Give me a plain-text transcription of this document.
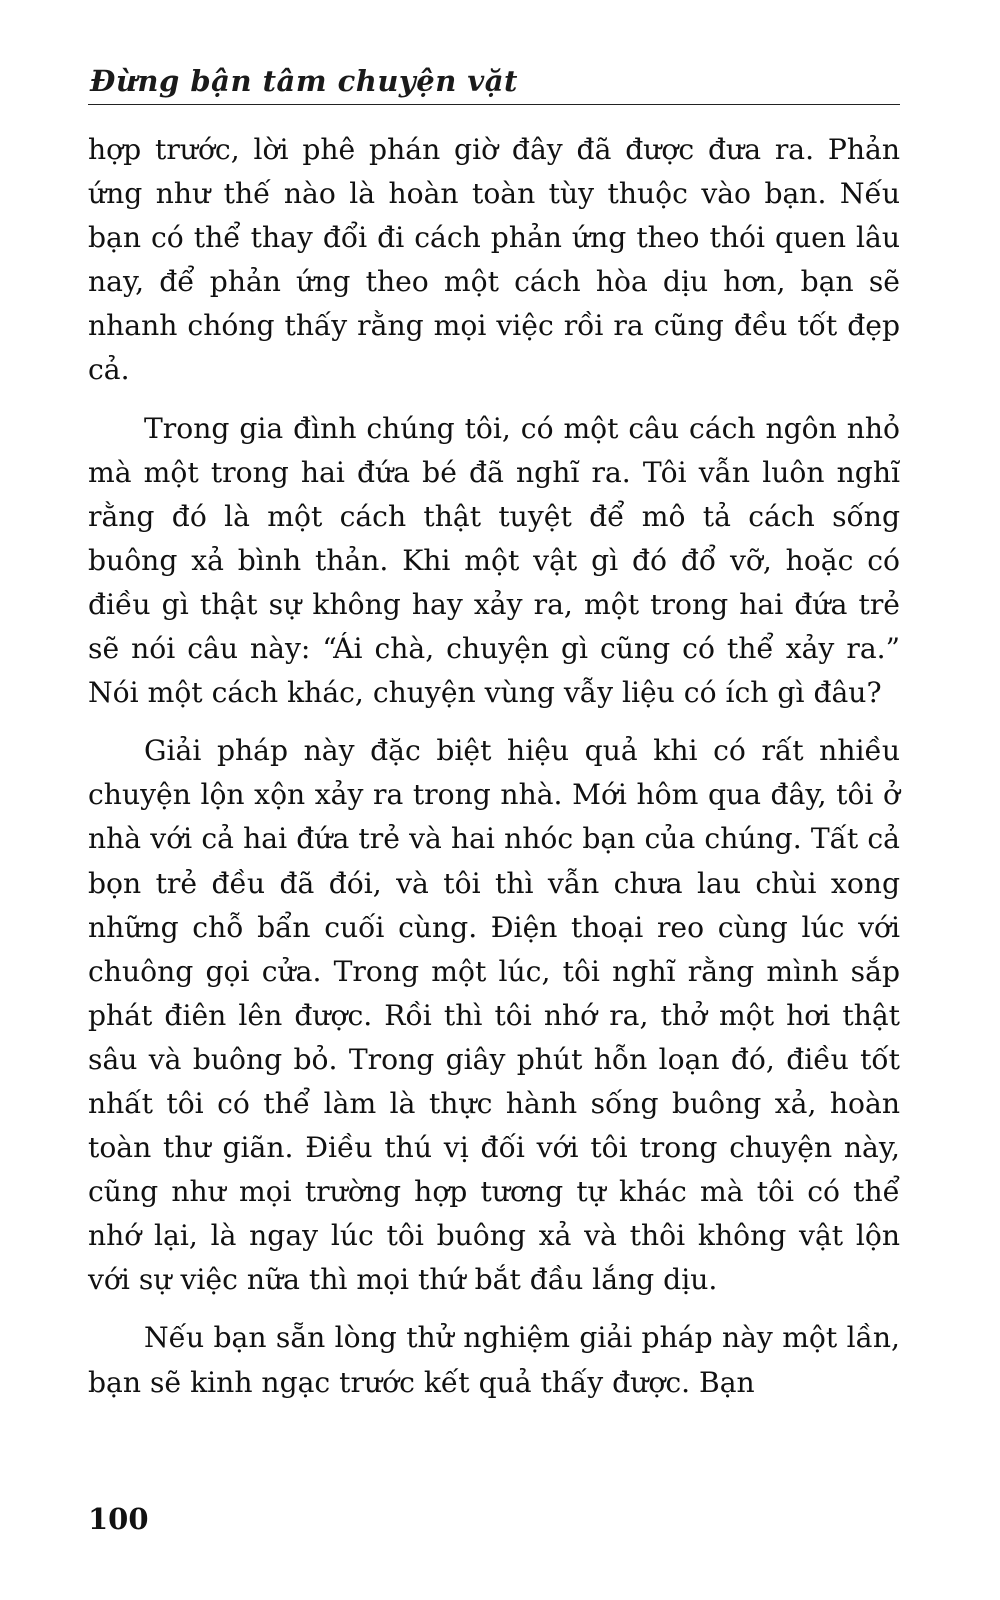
Đừng bận tâm chuyện vặt

hợp trước, lời phê phán giờ đây đã được đưa ra. Phản ứng như thế nào là hoàn toàn tùy thuộc vào bạn. Nếu bạn có thể thay đổi đi cách phản ứng theo thói quen lâu nay, để phản ứng theo một cách hòa dịu hơn, bạn sẽ nhanh chóng thấy rằng mọi việc rồi ra cũng đều tốt đẹp cả.

Trong gia đình chúng tôi, có một câu cách ngôn nhỏ mà một trong hai đứa bé đã nghĩ ra. Tôi vẫn luôn nghĩ rằng đó là một cách thật tuyệt để mô tả cách sống buông xả bình thản. Khi một vật gì đó đổ vỡ, hoặc có điều gì thật sự không hay xảy ra, một trong hai đứa trẻ sẽ nói câu này: “Ái chà, chuyện gì cũng có thể xảy ra.” Nói một cách khác, chuyện vùng vẫy liệu có ích gì đâu?

Giải pháp này đặc biệt hiệu quả khi có rất nhiều chuyện lộn xộn xảy ra trong nhà. Mới hôm qua đây, tôi ở nhà với cả hai đứa trẻ và hai nhóc bạn của chúng. Tất cả bọn trẻ đều đã đói, và tôi thì vẫn chưa lau chùi xong những chỗ bẩn cuối cùng. Điện thoại reo cùng lúc với chuông gọi cửa. Trong một lúc, tôi nghĩ rằng mình sắp phát điên lên được. Rồi thì tôi nhớ ra, thở một hơi thật sâu và buông bỏ. Trong giây phút hỗn loạn đó, điều tốt nhất tôi có thể làm là thực hành sống buông xả, hoàn toàn thư giãn. Điều thú vị đối với tôi trong chuyện này, cũng như mọi trường hợp tương tự khác mà tôi có thể nhớ lại, là ngay lúc tôi buông xả và thôi không vật lộn với sự việc nữa thì mọi thứ bắt đầu lắng dịu.

Nếu bạn sẵn lòng thử nghiệm giải pháp này một lần, bạn sẽ kinh ngạc trước kết quả thấy được. Bạn

100
